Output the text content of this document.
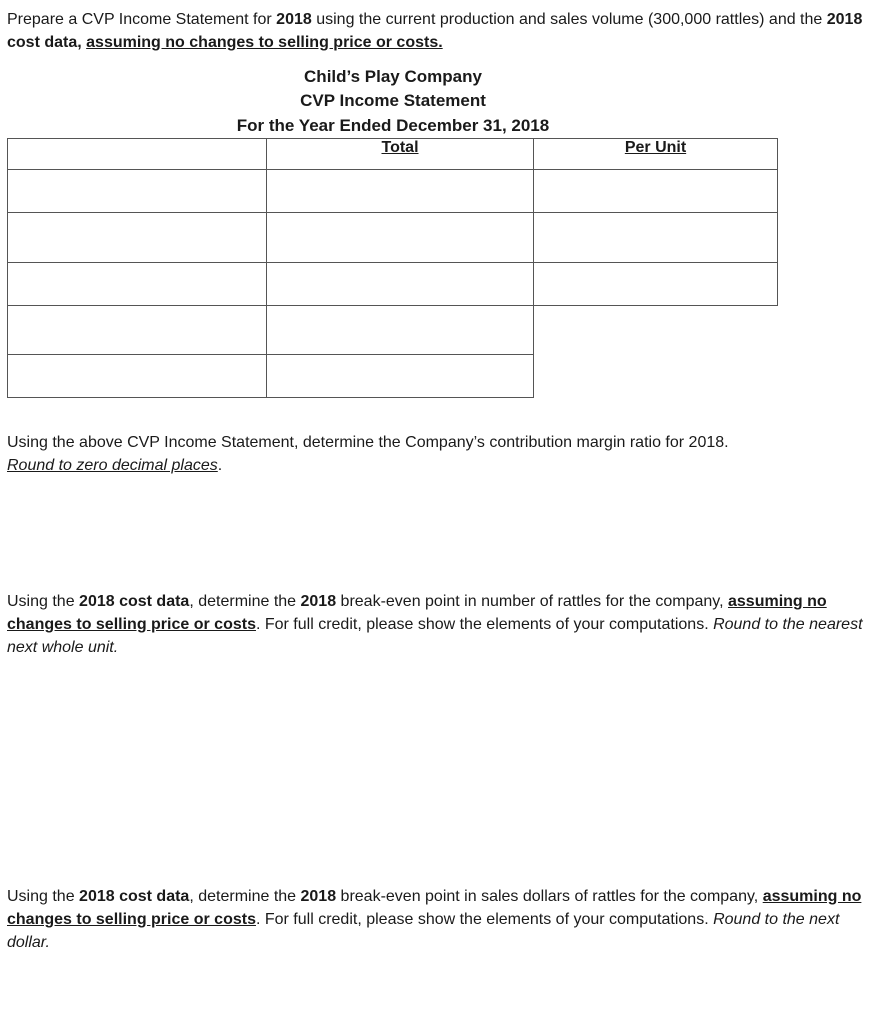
Prepare a CVP Income Statement for 2018 using the current production and sales volume (300,000 rattles) and the 2018 cost data, assuming no changes to selling price or costs.

Child’s Play Company
CVP Income Statement
For the Year Ended December 31, 2018
	Total	Per Unit

Using the above CVP Income Statement, determine the Company’s contribution margin ratio for 2018.
Round to zero decimal places.

Using the 2018 cost data, determine the 2018 break-even point in number of rattles for the company, assuming no changes to selling price or costs. For full credit, please show the elements of your computations. Round to the nearest next whole unit.

Using the 2018 cost data, determine the 2018 break-even point in sales dollars of rattles for the company, assuming no changes to selling price or costs. For full credit, please show the elements of your computations. Round to the next dollar.
